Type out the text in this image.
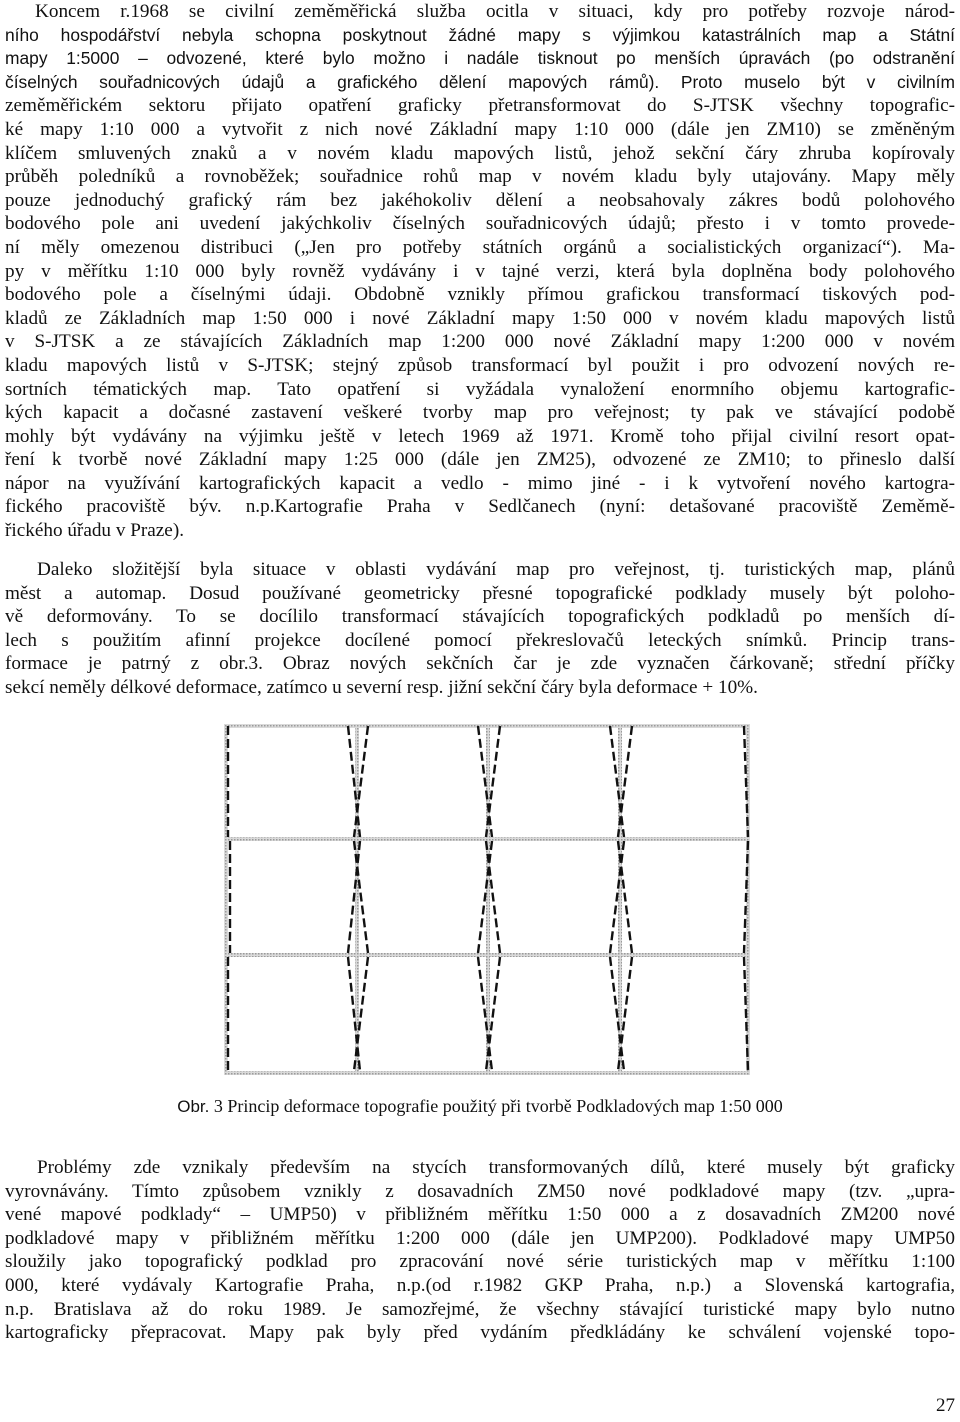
Koncem r.1968 se civilní zeměměřická služba ocitla v situaci, kdy pro potřeby rozvoje národ-
ního hospodářství nebyla schopna poskytnout žádné mapy s výjimkou katastrálních map a Státní
mapy 1:5000 – odvozené, které bylo možno i nadále tisknout po menších úpravách (po odstranění
číselných souřadnicových údajů a grafického dělení mapových rámů). Proto muselo být v civilním
zeměměřickém sektoru přijato opatření graficky přetransformovat do S-JTSK všechny topografic-
ké mapy 1:10 000 a vytvořit z nich nové Základní mapy 1:10 000 (dále jen ZM10) se změněným
klíčem smluvených znaků a v novém kladu mapových listů, jehož sekční čáry zhruba kopírovaly
průběh poledníků a rovnoběžek; souřadnice rohů map v novém kladu byly utajovány. Mapy měly
pouze jednoduchý grafický rám bez jakéhokoliv dělení a neobsahovaly zákres bodů polohového
bodového pole ani uvedení jakýchkoliv číselných souřadnicových údajů; přesto i v tomto provede-
ní měly omezenou distribuci („Jen pro potřeby státních orgánů a socialistických organizací“). Ma-
py v měřítku 1:10 000 byly rovněž vydávány i v tajné verzi, která byla doplněna body polohového
bodového pole a číselnými údaji. Obdobně vznikly přímou grafickou transformací tiskových pod-
kladů ze Základních map 1:50 000 i nové Základní mapy 1:50 000 v novém kladu mapových listů
v S-JTSK a ze stávajících Základních map 1:200 000 nové Základní mapy 1:200 000 v novém
kladu mapových listů v S-JTSK; stejný způsob transformací byl použit i pro odvození nových re-
sortních tématických map. Tato opatření si vyžádala vynaložení enormního objemu kartografic-
kých kapacit a dočasné zastavení veškeré tvorby map pro veřejnost; ty pak ve stávající podobě
mohly být vydávány na výjimku ještě v letech 1969 až 1971. Kromě toho přijal civilní resort opat-
ření k tvorbě nové Základní mapy 1:25 000 (dále jen ZM25), odvozené ze ZM10; to přineslo další
nápor na využívání kartografických kapacit a vedlo - mimo jiné - i k vytvoření nového kartogra-
fického pracoviště býv. n.p.Kartografie Praha v Sedlčanech (nyní: detašované pracoviště Zeměmě-
řického úřadu v Praze).
Daleko složitější byla situace v oblasti vydávání map pro veřejnost, tj. turistických map, plánů
měst a automap. Dosud používané geometricky přesné topografické podklady musely být poloho-
vě deformovány. To se docílilo transformací stávajících topografických podkladů po menších dí-
lech s použitím afinní projekce docílené pomocí překreslovačů leteckých snímků. Princip trans-
formace je patrný z obr.3. Obraz nových sekčních čar je zde vyznačen čárkovaně; střední příčky
sekcí neměly délkové deformace, zatímco u severní resp. jižní sekční čáry byla deformace + 10%.
Obr. 3 Princip deformace topografie použitý při tvorbě Podkladových map 1:50 000
Problémy zde vznikaly především na stycích transformovaných dílů, které musely být graficky
vyrovnávány. Tímto způsobem vznikly z dosavadních ZM50 nové podkladové mapy (tzv. „upra-
vené mapové podklady“ – UMP50) v přibližném měřítku 1:50 000 a z dosavadních ZM200 nové
podkladové mapy v přibližném měřítku 1:200 000 (dále jen UMP200). Podkladové mapy UMP50
sloužily jako topografický podklad pro zpracování nové série turistických map v měřítku 1:100
000, které vydávaly Kartografie Praha, n.p.(od r.1982 GKP Praha, n.p.) a Slovenská kartografia,
n.p. Bratislava až do roku 1989. Je samozřejmé, že všechny stávající turistické mapy bylo nutno
kartograficky přepracovat. Mapy pak byly před vydáním předkládány ke schválení vojenské topo-
27
